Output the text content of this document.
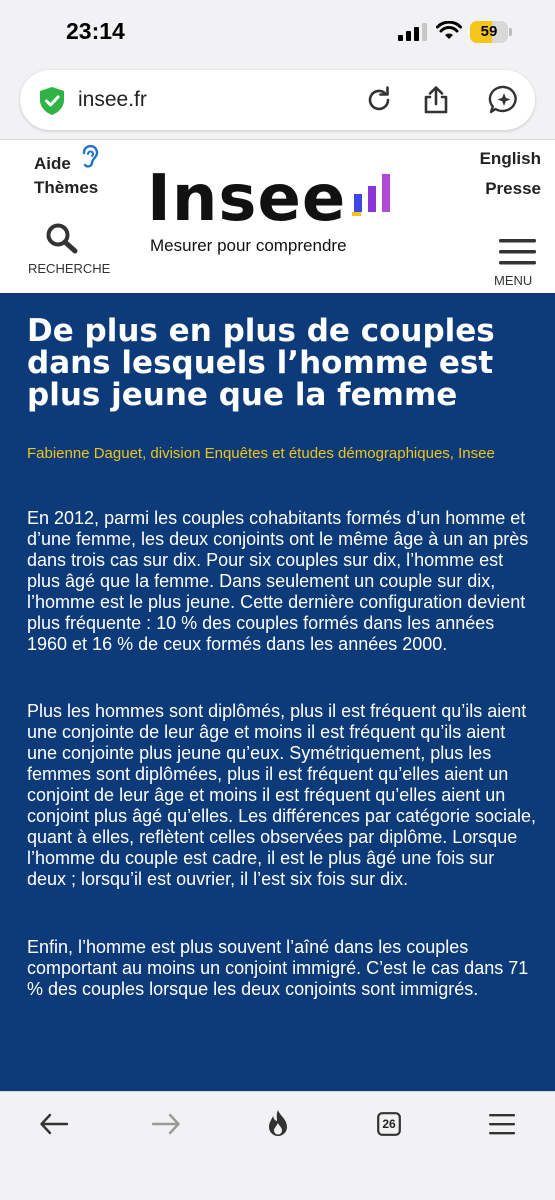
23:14	59
insee.fr
Aide
Thèmes
English
Presse
Insee
Mesurer pour comprendre
RECHERCHE
MENU
De plus en plus de couples dans lesquels l’homme est plus jeune que la femme
Fabienne Daguet, division Enquêtes et études démographiques, Insee

En 2012, parmi les couples cohabitants formés d’un homme et d’une femme, les deux conjoints ont le même âge à un an près dans trois cas sur dix. Pour six couples sur dix, l’homme est plus âgé que la femme. Dans seulement un couple sur dix, l’homme est le plus jeune. Cette dernière configuration devient plus fréquente : 10 % des couples formés dans les années 1960 et 16 % de ceux formés dans les années 2000.

Plus les hommes sont diplômés, plus il est fréquent qu’ils aient une conjointe de leur âge et moins il est fréquent qu’ils aient une conjointe plus jeune qu’eux. Symétriquement, plus les femmes sont diplômées, plus il est fréquent qu’elles aient un conjoint de leur âge et moins il est fréquent qu’elles aient un conjoint plus âgé qu’elles. Les différences par catégorie sociale, quant à elles, reflètent celles observées par diplôme. Lorsque l’homme du couple est cadre, il est le plus âgé une fois sur deux ; lorsqu’il est ouvrier, il l’est six fois sur dix.

Enfin, l’homme est plus souvent l’aîné dans les couples comportant au moins un conjoint immigré. C’est le cas dans 71 % des couples lorsque les deux conjoints sont immigrés.

26
